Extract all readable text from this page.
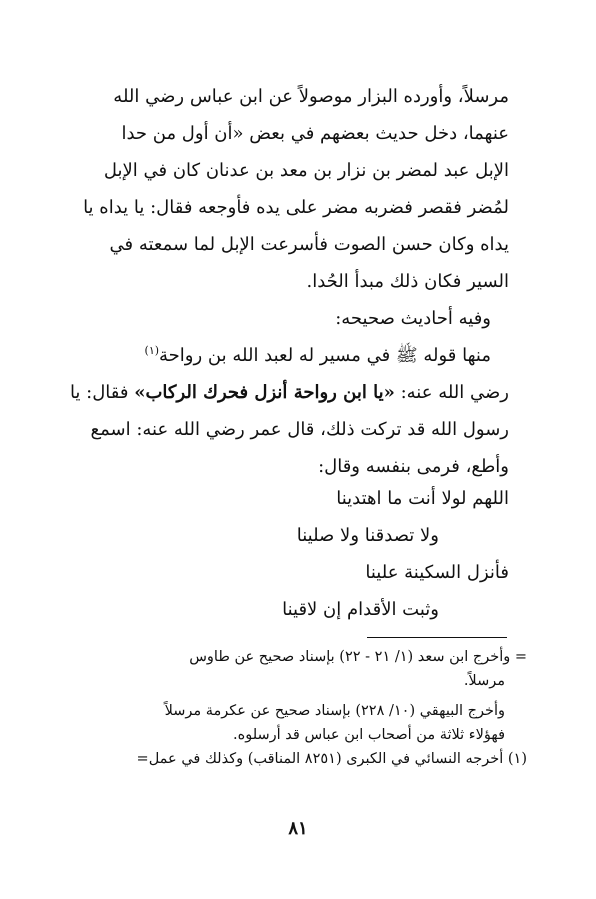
مرسلاً، وأورده البزار موصولاً عن ابن عباس رضي الله
عنهما، دخل حديث بعضهم في بعض «أن أول من حدا
الإبل عبد لمضر بن نزار بن معد بن عدنان كان في الإبل
لمُضر فقصر فضربه مضر على يده فأوجعه فقال: يا يداه يا
يداه وكان حسن الصوت فأسرعت الإبل لما سمعته في
السير فكان ذلك مبدأ الحُدا.
وفيه أحاديث صحيحه:
منها قوله ﷺ في مسير له لعبد الله بن رواحة$^{(١)}$
رضي الله عنه: «يا ابن رواحة أنزل فحرك الركاب» فقال: يا
رسول الله قد تركت ذلك، قال عمر رضي الله عنه: اسمع
وأطع، فرمى بنفسه وقال:
اللهم لولا أنت ما اهتدينا
ولا تصدقنا ولا صلينا
فأنزل السكينة علينا
وثبت الأقدام إن لاقينا
= وأخرج ابن سعد (١/ ٢١ - ٢٢) بإسناد صحيح عن طاوس
مرسلاً.
وأخرج البيهقي (١٠/ ٢٢٨) بإسناد صحيح عن عكرمة مرسلاً
فهؤلاء ثلاثة من أصحاب ابن عباس قد أرسلوه.
(١) أخرجه النسائي في الكبرى (٨٢٥١ المناقب) وكذلك في عمل=
٨١
